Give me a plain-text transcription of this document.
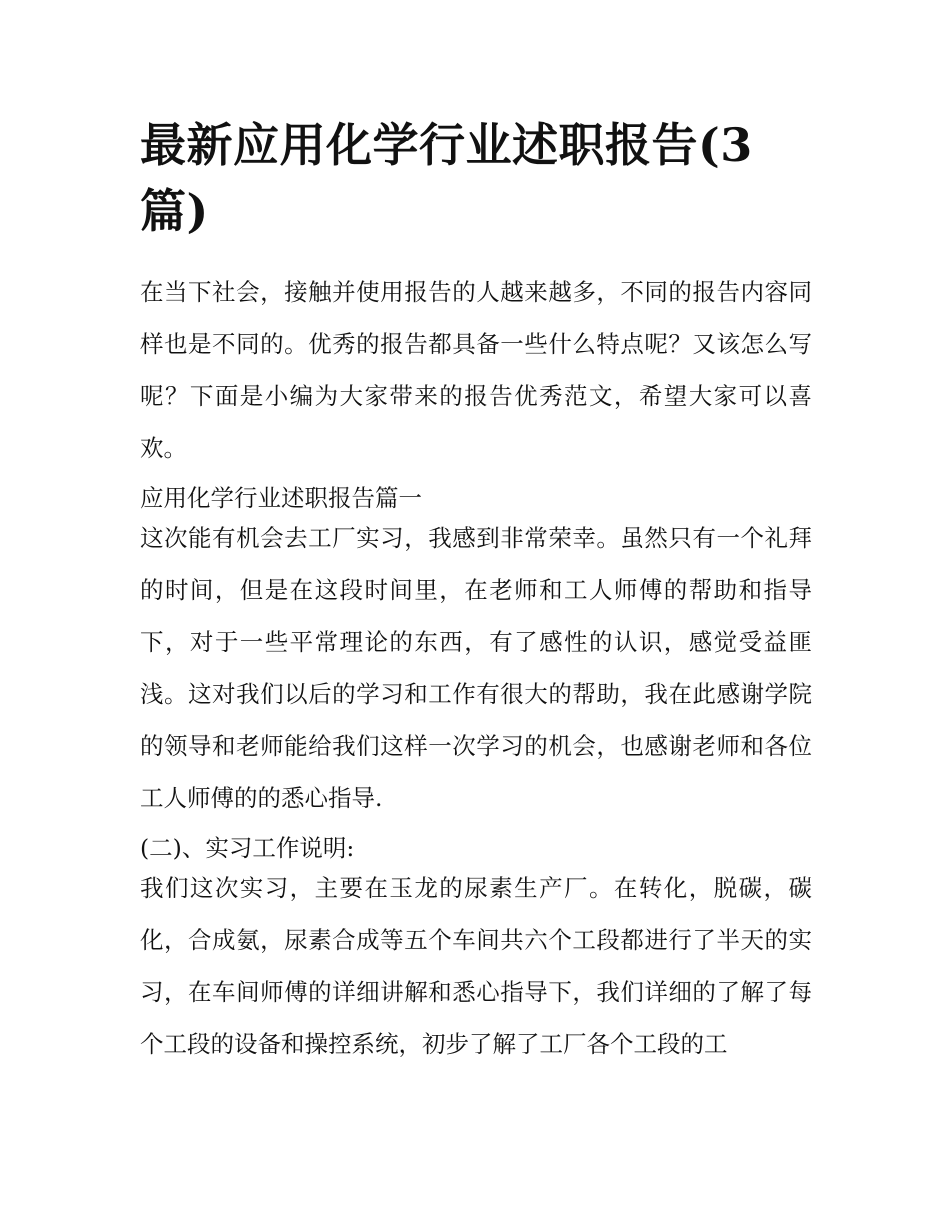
最新应用化学行业述职报告(3篇)

在当下社会，接触并使用报告的人越来越多，不同的报告内容同样也是不同的。优秀的报告都具备一些什么特点呢？又该怎么写呢？下面是小编为大家带来的报告优秀范文，希望大家可以喜欢。

应用化学行业述职报告篇一

这次能有机会去工厂实习，我感到非常荣幸。虽然只有一个礼拜的时间，但是在这段时间里，在老师和工人师傅的帮助和指导下，对于一些平常理论的东西，有了感性的认识，感觉受益匪浅。这对我们以后的学习和工作有很大的帮助，我在此感谢学院的领导和老师能给我们这样一次学习的机会，也感谢老师和各位工人师傅的的悉心指导.

(二)、实习工作说明:

我们这次实习，主要在玉龙的尿素生产厂。在转化，脱碳，碳化，合成氨，尿素合成等五个车间共六个工段都进行了半天的实习，在车间师傅的详细讲解和悉心指导下，我们详细的了解了每个工段的设备和操控系统，初步了解了工厂各个工段的工
